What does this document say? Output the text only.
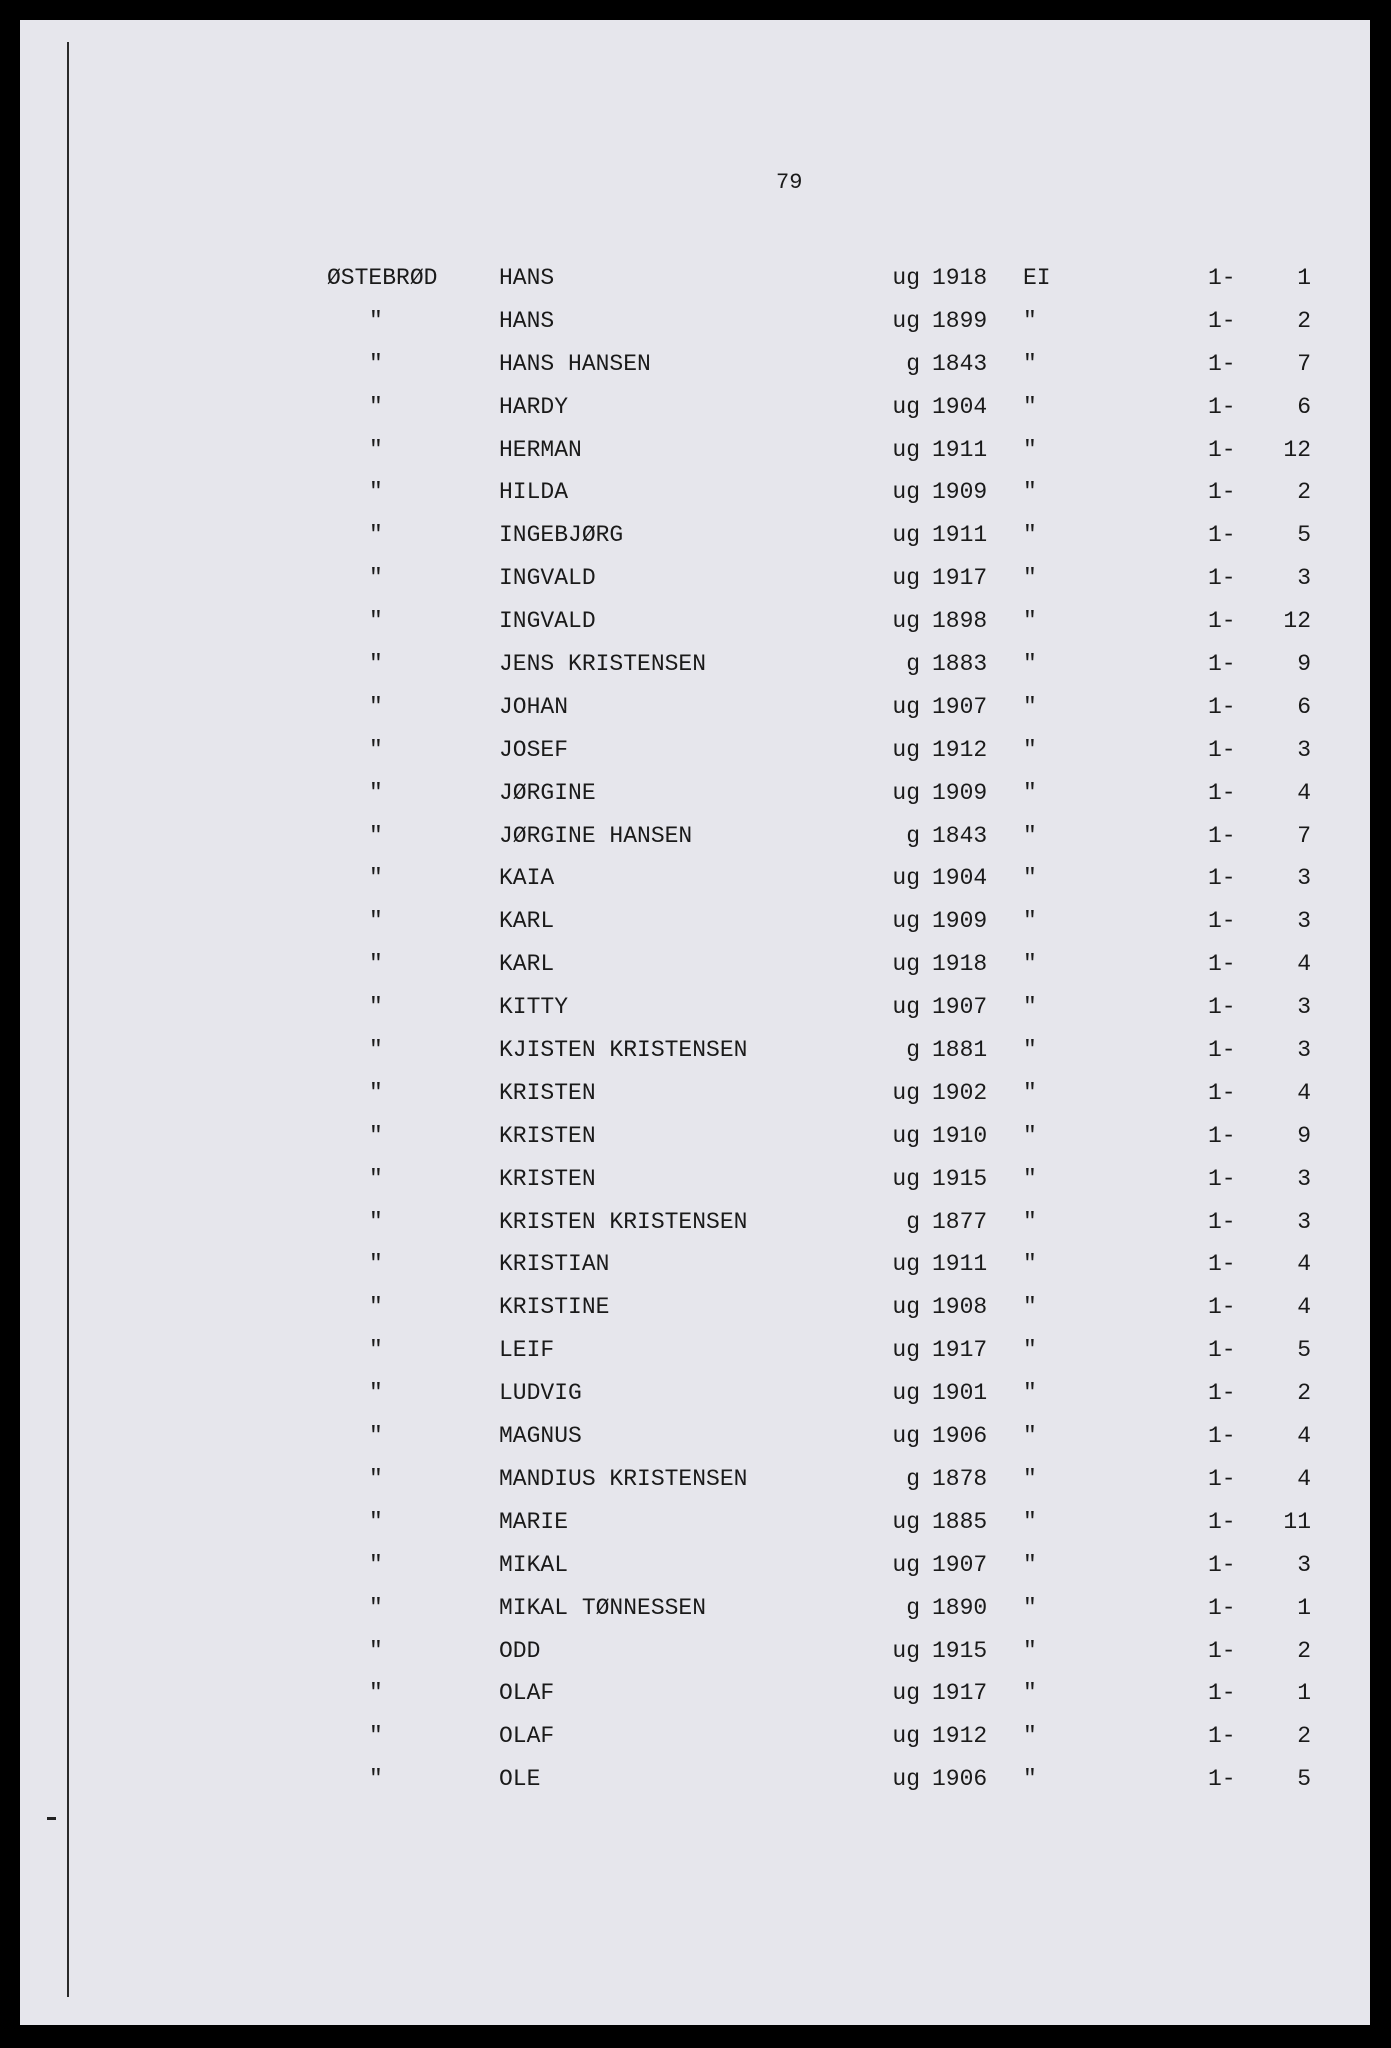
79
ØSTEBRØD	HANS	ug 1918 EI	1-	1
"	HANS	ug 1899 "	1-	2
"	HANS HANSEN	g 1843 "	1-	7
"	HARDY	ug 1904 "	1-	6
"	HERMAN	ug 1911 "	1-	12
"	HILDA	ug 1909 "	1-	2
"	INGEBJØRG	ug 1911 "	1-	5
"	INGVALD	ug 1917 "	1-	3
"	INGVALD	ug 1898 "	1-	12
"	JENS KRISTENSEN	g 1883 "	1-	9
"	JOHAN	ug 1907 "	1-	6
"	JOSEF	ug 1912 "	1-	3
"	JØRGINE	ug 1909 "	1-	4
"	JØRGINE HANSEN	g 1843 "	1-	7
"	KAIA	ug 1904 "	1-	3
"	KARL	ug 1909 "	1-	3
"	KARL	ug 1918 "	1-	4
"	KITTY	ug 1907 "	1-	3
"	KJISTEN KRISTENSEN	g 1881 "	1-	3
"	KRISTEN	ug 1902 "	1-	4
"	KRISTEN	ug 1910 "	1-	9
"	KRISTEN	ug 1915 "	1-	3
"	KRISTEN KRISTENSEN	g 1877 "	1-	3
"	KRISTIAN	ug 1911 "	1-	4
"	KRISTINE	ug 1908 "	1-	4
"	LEIF	ug 1917 "	1-	5
"	LUDVIG	ug 1901 "	1-	2
"	MAGNUS	ug 1906 "	1-	4
"	MANDIUS KRISTENSEN	g 1878 "	1-	4
"	MARIE	ug 1885 "	1-	11
"	MIKAL	ug 1907 "	1-	3
"	MIKAL TØNNESSEN	g 1890 "	1-	1
"	ODD	ug 1915 "	1-	2
"	OLAF	ug 1917 "	1-	1
"	OLAF	ug 1912 "	1-	2
"	OLE	ug 1906 "	1-	5
